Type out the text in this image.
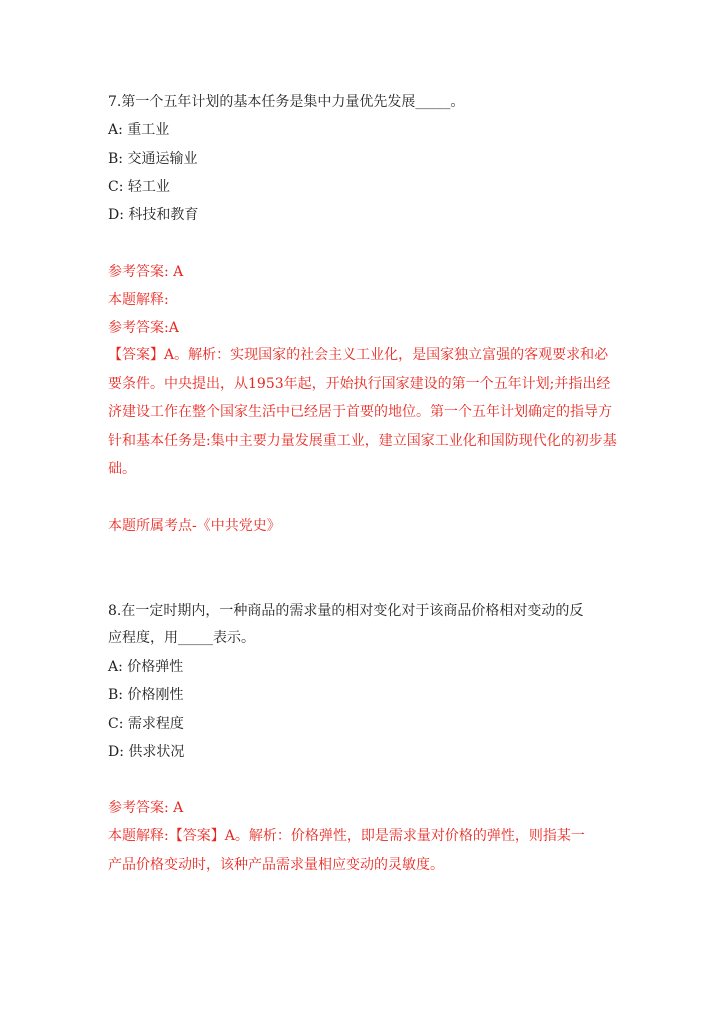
7.第一个五年计划的基本任务是集中力量优先发展_____。
A: 重工业
B: 交通运输业
C: 轻工业
D: 科技和教育
参考答案: A
本题解释:
参考答案:A
【答案】A。解析：实现国家的社会主义工业化，是国家独立富强的客观要求和必要条件。中央提出，从1953年起，开始执行国家建设的第一个五年计划;并指出经济建设工作在整个国家生活中已经居于首要的地位。第一个五年计划确定的指导方针和基本任务是:集中主要力量发展重工业，建立国家工业化和国防现代化的初步基础。
本题所属考点-《中共党史》
8.在一定时期内，一种商品的需求量的相对变化对于该商品价格相对变动的反
应程度，用_____表示。
A: 价格弹性
B: 价格刚性
C: 需求程度
D: 供求状况
参考答案: A
本题解释:【答案】A。解析：价格弹性，即是需求量对价格的弹性，则指某一
产品价格变动时，该种产品需求量相应变动的灵敏度。
